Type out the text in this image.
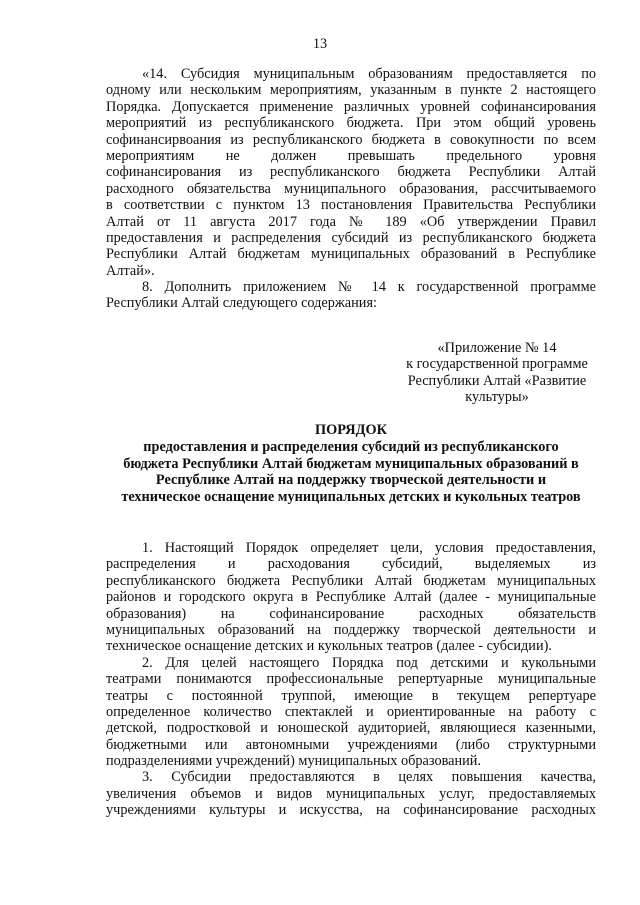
13
«14. Субсидия муниципальным образованиям предоставляется по
одному или нескольким мероприятиям, указанным в пункте 2 настоящего
Порядка. Допускается применение различных уровней софинансирования
мероприятий из республиканского бюджета. При этом общий уровень
софинансирвоания из республиканского бюджета в совокупности по всем
мероприятиям не должен превышать предельного уровня
софинансирования из республиканского бюджета Республики Алтай
расходного обязательства муниципального образования, рассчитываемого
в соответствии с пунктом 13 постановления Правительства Республики
Алтай от 11 августа 2017 года № 189 «Об утверждении Правил
предоставления и распределения субсидий из республиканского бюджета
Республики Алтай бюджетам муниципальных образований в Республике
Алтай».
8. Дополнить приложением № 14 к государственной программе
Республики Алтай следующего содержания:
«Приложение № 14
к государственной программе
Республики Алтай «Развитие
культуры»
ПОРЯДОК
предоставления и распределения субсидий из республиканского
бюджета Республики Алтай бюджетам муниципальных образований в
Республике Алтай на поддержку творческой деятельности и
техническое оснащение муниципальных детских и кукольных театров
1. Настоящий Порядок определяет цели, условия предоставления,
распределения и расходования субсидий, выделяемых из
республиканского бюджета Республики Алтай бюджетам муниципальных
районов и городского округа в Республике Алтай (далее - муниципальные
образования) на софинансирование расходных обязательств
муниципальных образований на поддержку творческой деятельности и
техническое оснащение детских и кукольных театров (далее - субсидии).
2. Для целей настоящего Порядка под детскими и кукольными
театрами понимаются профессиональные репертуарные муниципальные
театры с постоянной труппой, имеющие в текущем репертуаре
определенное количество спектаклей и ориентированные на работу с
детской, подростковой и юношеской аудиторией, являющиеся казенными,
бюджетными или автономными учреждениями (либо структурными
подразделениями учреждений) муниципальных образований.
3. Субсидии предоставляются в целях повышения качества,
увеличения объемов и видов муниципальных услуг, предоставляемых
учреждениями культуры и искусства, на софинансирование расходных
